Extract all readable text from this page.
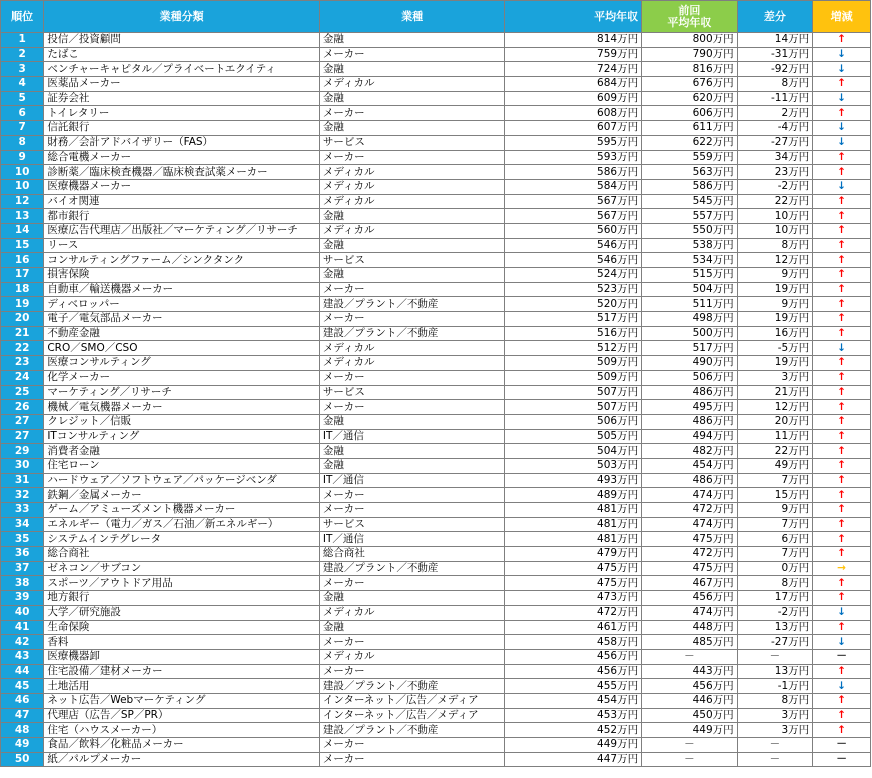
順位	業種分類	業種	平均年収	前回
平均年収	差分	増減
1	投信／投資顧問	金融	814万円	800万円	14万円	↑
2	たばこ	メーカー	759万円	790万円	-31万円	↓
3	ベンチャーキャピタル／プライベートエクイティ	金融	724万円	816万円	-92万円	↓
4	医薬品メーカー	メディカル	684万円	676万円	8万円	↑
5	証券会社	金融	609万円	620万円	-11万円	↓
6	トイレタリー	メーカー	608万円	606万円	2万円	↑
7	信託銀行	金融	607万円	611万円	-4万円	↓
8	財務／会計アドバイザリー（FAS）	サービス	595万円	622万円	-27万円	↓
9	総合電機メーカー	メーカー	593万円	559万円	34万円	↑
10	診断薬／臨床検査機器／臨床検査試薬メーカー	メディカル	586万円	563万円	23万円	↑
10	医療機器メーカー	メディカル	584万円	586万円	-2万円	↓
12	バイオ関連	メディカル	567万円	545万円	22万円	↑
13	都市銀行	金融	567万円	557万円	10万円	↑
14	医療広告代理店／出版社／マーケティング／リサーチ	メディカル	560万円	550万円	10万円	↑
15	リース	金融	546万円	538万円	8万円	↑
16	コンサルティングファーム／シンクタンク	サービス	546万円	534万円	12万円	↑
17	損害保険	金融	524万円	515万円	9万円	↑
18	自動車／輸送機器メーカー	メーカー	523万円	504万円	19万円	↑
19	ディベロッパー	建設／プラント／不動産	520万円	511万円	9万円	↑
20	電子／電気部品メーカー	メーカー	517万円	498万円	19万円	↑
21	不動産金融	建設／プラント／不動産	516万円	500万円	16万円	↑
22	CRO／SMO／CSO	メディカル	512万円	517万円	-5万円	↓
23	医療コンサルティング	メディカル	509万円	490万円	19万円	↑
24	化学メーカー	メーカー	509万円	506万円	3万円	↑
25	マーケティング／リサーチ	サービス	507万円	486万円	21万円	↑
26	機械／電気機器メーカー	メーカー	507万円	495万円	12万円	↑
27	クレジット／信販	金融	506万円	486万円	20万円	↑
27	ITコンサルティング	IT／通信	505万円	494万円	11万円	↑
29	消費者金融	金融	504万円	482万円	22万円	↑
30	住宅ローン	金融	503万円	454万円	49万円	↑
31	ハードウェア／ソフトウェア／パッケージベンダ	IT／通信	493万円	486万円	7万円	↑
32	鉄鋼／金属メーカー	メーカー	489万円	474万円	15万円	↑
33	ゲーム／アミューズメント機器メーカー	メーカー	481万円	472万円	9万円	↑
34	エネルギー（電力／ガス／石油／新エネルギー）	サービス	481万円	474万円	7万円	↑
35	システムインテグレータ	IT／通信	481万円	475万円	6万円	↑
36	総合商社	総合商社	479万円	472万円	7万円	↑
37	ゼネコン／サブコン	建設／プラント／不動産	475万円	475万円	0万円	→
38	スポーツ／アウトドア用品	メーカー	475万円	467万円	8万円	↑
39	地方銀行	金融	473万円	456万円	17万円	↑
40	大学／研究施設	メディカル	472万円	474万円	-2万円	↓
41	生命保険	金融	461万円	448万円	13万円	↑
42	香料	メーカー	458万円	485万円	-27万円	↓
43	医療機器卸	メディカル	456万円	－	－	－
44	住宅設備／建材メーカー	メーカー	456万円	443万円	13万円	↑
45	土地活用	建設／プラント／不動産	455万円	456万円	-1万円	↓
46	ネット広告／Webマーケティング	インターネット／広告／メディア	454万円	446万円	8万円	↑
47	代理店（広告／SP／PR）	インターネット／広告／メディア	453万円	450万円	3万円	↑
48	住宅（ハウスメーカー）	建設／プラント／不動産	452万円	449万円	3万円	↑
49	食品／飲料／化粧品メーカー	メーカー	449万円	－	－	－
50	紙／パルプメーカー	メーカー	447万円	－	－	－
